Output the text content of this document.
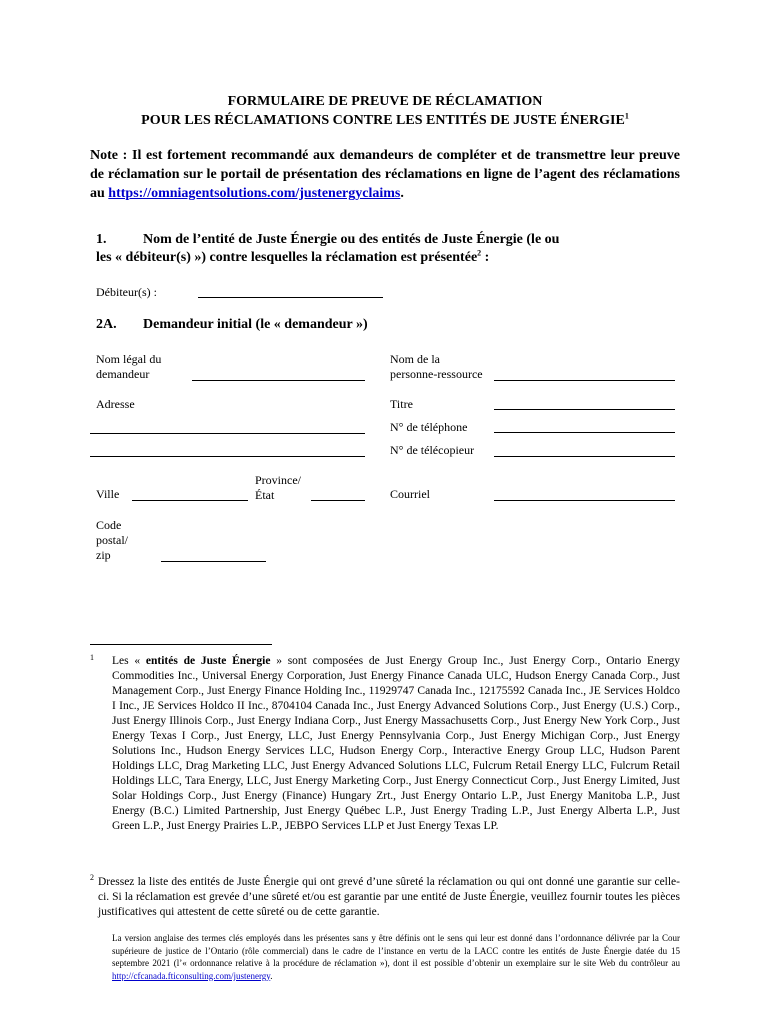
FORMULAIRE DE PREUVE DE RÉCLAMATION
POUR LES RÉCLAMATIONS CONTRE LES ENTITÉS DE JUSTE ÉNERGIE$^1$
Note : Il est fortement recommandé aux demandeurs de compléter et de transmettre leur preuve de réclamation sur le portail de présentation des réclamations en ligne de l’agent des réclamations au https://omniagentsolutions.com/justenergyclaims.
1.	Nom de l’entité de Juste Énergie ou des entités de Juste Énergie (le ou
les « débiteur(s) ») contre lesquelles la réclamation est présentée$^2$ :
Débiteur(s) :
2A. Demandeur initial (le « demandeur »)
Nom légal du
demandeur
Adresse
Ville
Province/
État
Code
postal/
zip
Nom de la
personne-ressource
Titre
N° de téléphone
N° de télécopieur
Courriel
1 Les « entités de Juste Énergie » sont composées de Just Energy Group Inc., Just Energy Corp., Ontario Energy Commodities Inc., Universal Energy Corporation, Just Energy Finance Canada ULC, Hudson Energy Canada Corp., Just Management Corp., Just Energy Finance Holding Inc., 11929747 Canada Inc., 12175592 Canada Inc., JE Services Holdco I Inc., JE Services Holdco II Inc., 8704104 Canada Inc., Just Energy Advanced Solutions Corp., Just Energy (U.S.) Corp., Just Energy Illinois Corp., Just Energy Indiana Corp., Just Energy Massachusetts Corp., Just Energy New York Corp., Just Energy Texas I Corp., Just Energy, LLC, Just Energy Pennsylvania Corp., Just Energy Michigan Corp., Just Energy Solutions Inc., Hudson Energy Services LLC, Hudson Energy Corp., Interactive Energy Group LLC, Hudson Parent Holdings LLC, Drag Marketing LLC, Just Energy Advanced Solutions LLC, Fulcrum Retail Energy LLC, Fulcrum Retail Holdings LLC, Tara Energy, LLC, Just Energy Marketing Corp., Just Energy Connecticut Corp., Just Energy Limited, Just Solar Holdings Corp., Just Energy (Finance) Hungary Zrt., Just Energy Ontario L.P., Just Energy Manitoba L.P., Just Energy (B.C.) Limited Partnership, Just Energy Québec L.P., Just Energy Trading L.P., Just Energy Alberta L.P., Just Green L.P., Just Energy Prairies L.P., JEBPO Services LLP et Just Energy Texas LP.
2 Dressez la liste des entités de Juste Énergie qui ont grevé d’une sûreté la réclamation ou qui ont donné une garantie sur celle-ci. Si la réclamation est grevée d’une sûreté et/ou est garantie par une entité de Juste Énergie, veuillez fournir toutes les pièces justificatives qui attestent de cette sûreté ou de cette garantie.
La version anglaise des termes clés employés dans les présentes sans y être définis ont le sens qui leur est donné dans l’ordonnance délivrée par la Cour supérieure de justice de l’Ontario (rôle commercial) dans le cadre de l’instance en vertu de la LACC contre les entités de Juste Énergie datée du 15 septembre 2021 (l’« ordonnance relative à la procédure de réclamation »), dont il est possible d’obtenir un exemplaire sur le site Web du contrôleur au http://cfcanada.fticonsulting.com/justenergy.
